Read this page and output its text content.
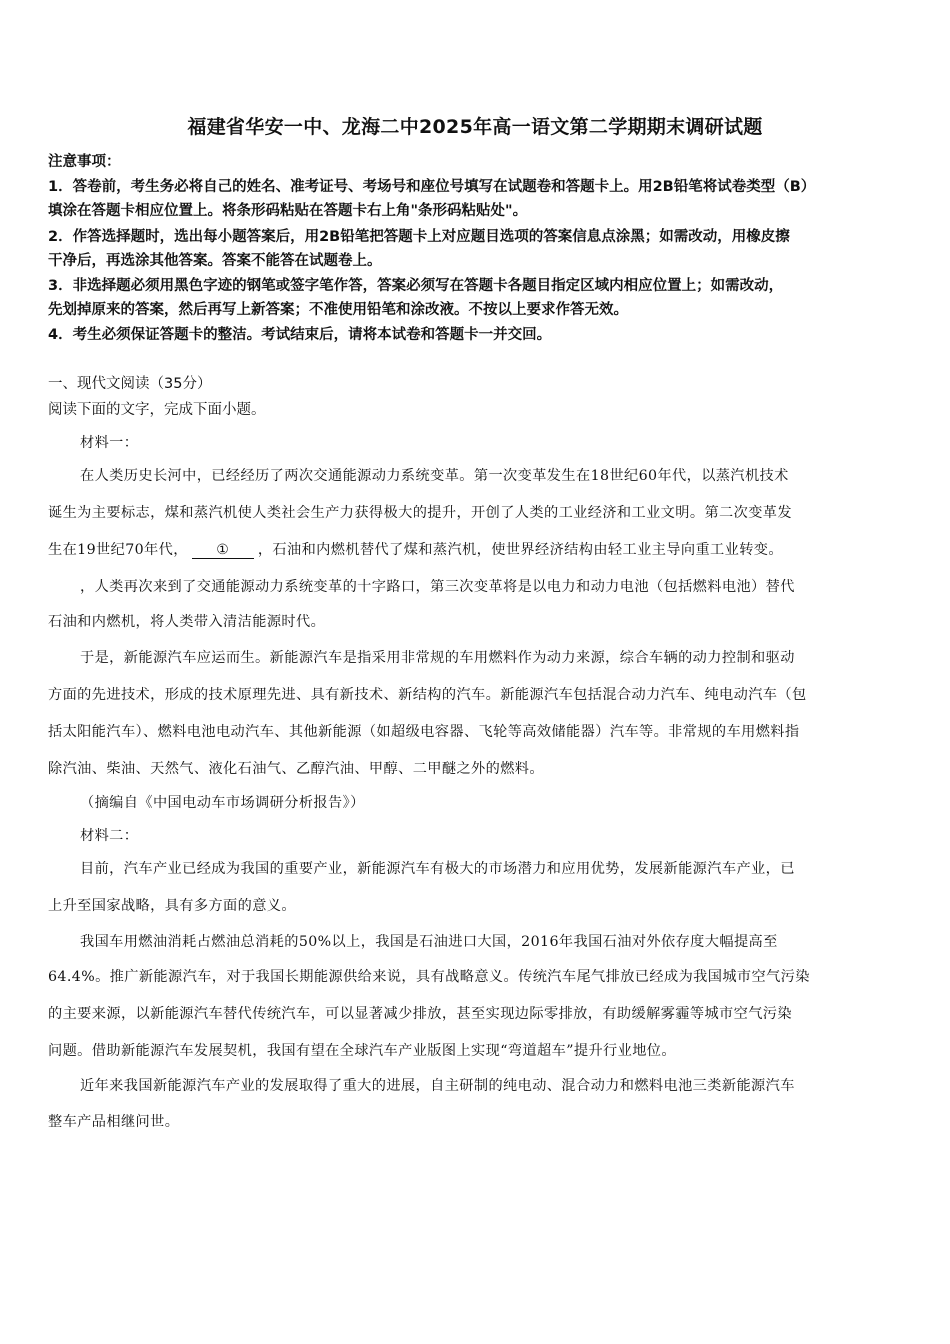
福建省华安一中、龙海二中2025年高一语文第二学期期末调研试题
注意事项：
1．答卷前，考生务必将自己的姓名、准考证号、考场号和座位号填写在试题卷和答题卡上。用2B铅笔将试卷类型（B）
填涂在答题卡相应位置上。将条形码粘贴在答题卡右上角"条形码粘贴处"。
2．作答选择题时，选出每小题答案后，用2B铅笔把答题卡上对应题目选项的答案信息点涂黑；如需改动，用橡皮擦
干净后，再选涂其他答案。答案不能答在试题卷上。
3．非选择题必须用黑色字迹的钢笔或签字笔作答，答案必须写在答题卡各题目指定区域内相应位置上；如需改动，
先划掉原来的答案，然后再写上新答案；不准使用铅笔和涂改液。不按以上要求作答无效。
4．考生必须保证答题卡的整洁。考试结束后，请将本试卷和答题卡一并交回。
一、现代文阅读（35分）
阅读下面的文字，完成下面小题。
材料一：
在人类历史长河中，已经经历了两次交通能源动力系统变革。第一次变革发生在18世纪60年代，以蒸汽机技术
诞生为主要标志，煤和蒸汽机使人类社会生产力获得极大的提升，开创了人类的工业经济和工业文明。第二次变革发
生在19世纪70年代， ① ，石油和内燃机替代了煤和蒸汽机，使世界经济结构由轻工业主导向重工业转变。
，人类再次来到了交通能源动力系统变革的十字路口，第三次变革将是以电力和动力电池（包括燃料电池）替代
石油和内燃机，将人类带入清洁能源时代。
于是，新能源汽车应运而生。新能源汽车是指采用非常规的车用燃料作为动力来源，综合车辆的动力控制和驱动
方面的先进技术，形成的技术原理先进、具有新技术、新结构的汽车。新能源汽车包括混合动力汽车、纯电动汽车（包
括太阳能汽车）、燃料电池电动汽车、其他新能源（如超级电容器、飞轮等高效储能器）汽车等。非常规的车用燃料指
除汽油、柴油、天然气、液化石油气、乙醇汽油、甲醇、二甲醚之外的燃料。
（摘编自《中国电动车市场调研分析报告》）
材料二：
目前，汽车产业已经成为我国的重要产业，新能源汽车有极大的市场潜力和应用优势，发展新能源汽车产业，已
上升至国家战略，具有多方面的意义。
我国车用燃油消耗占燃油总消耗的50%以上，我国是石油进口大国，2016年我国石油对外依存度大幅提高至
64.4%。推广新能源汽车，对于我国长期能源供给来说，具有战略意义。传统汽车尾气排放已经成为我国城市空气污染
的主要来源，以新能源汽车替代传统汽车，可以显著减少排放，甚至实现边际零排放，有助缓解雾霾等城市空气污染
问题。借助新能源汽车发展契机，我国有望在全球汽车产业版图上实现“弯道超车”提升行业地位。
近年来我国新能源汽车产业的发展取得了重大的进展，自主研制的纯电动、混合动力和燃料电池三类新能源汽车
整车产品相继问世。
